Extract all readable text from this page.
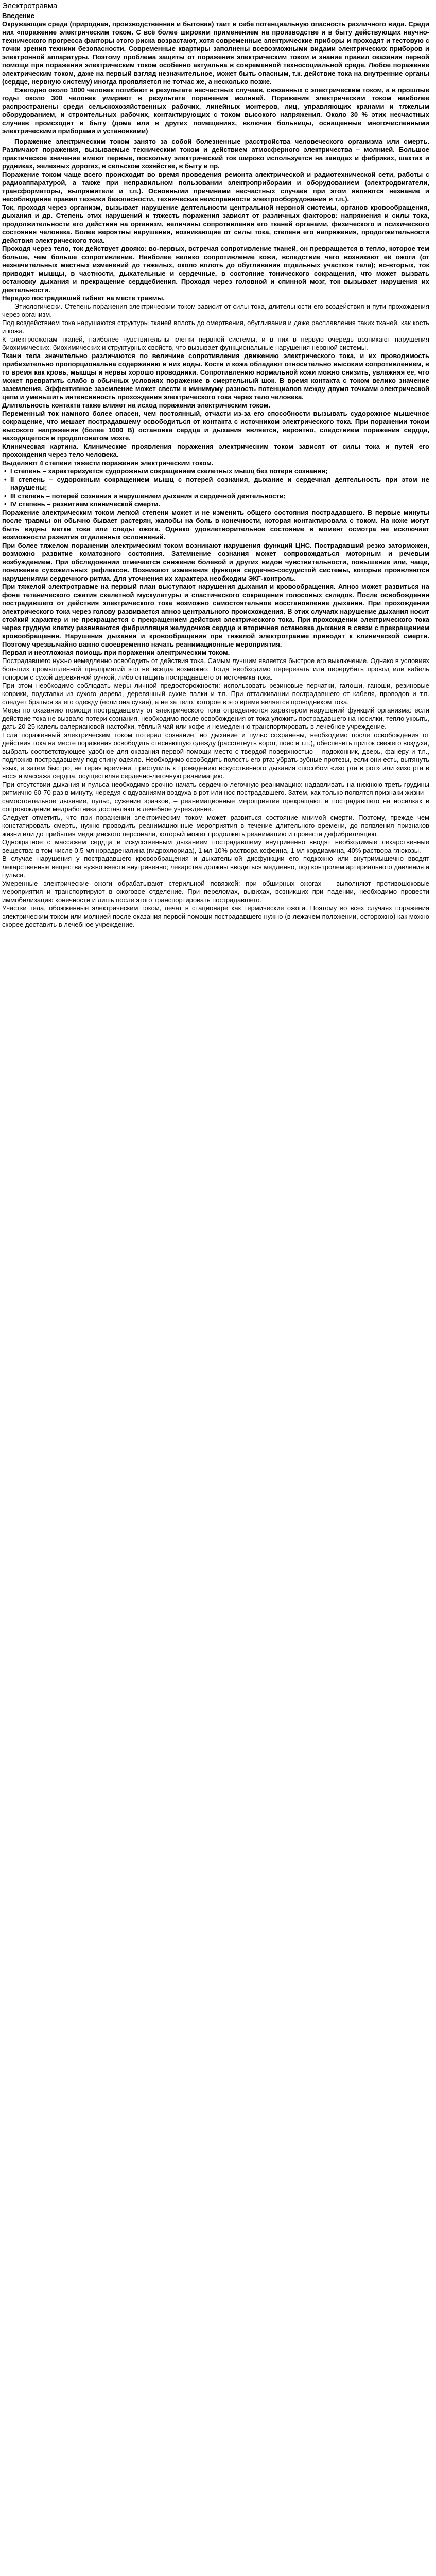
Электротравма

Введение

Окружающая среда (природная, производственная и бытовая) таит в себе потенциальную опасность различного вида. Среди них «поражение электрическим током. С всё более широким применением на производстве и в быту действующих научно-технического прогресса факторы этого риска возрастают, хотя современные электрические приборы и проходят и тестовую с точки зрения техники безопасности. Современные квартиры заполнены всевозможными видами электрических приборов и электронной аппаратуры. Поэтому проблема защиты от поражения электрическим током и знание правил оказания первой помощи при поражении электрическим током особенно актуальна в современной техносоциальной среде. Любое поражение электрическим током, даже на первый взгляд незначительное, может быть опасным, т.к. действие тока на внутренние органы (сердце, нервную систему) иногда проявляется не тотчас же, а несколько позже.

Ежегодно около 1000 человек погибают в результате несчастных случаев, связанных с электрическим током, а в прошлые годы около 300 человек умирают в результате поражения молнией. Поражения электрическим током наиболее распространены среди сельскохозяйственных рабочих, линейных монтеров, лиц, управляющих кранами и тяжелым оборудованием, и строительных рабочих, контактирующих с током высокого напряжения. Около 30 % этих несчастных случаев происходят в быту (дома или в других помещениях, включая больницы, оснащенные многочисленными электрическими приборами и установками)

Поражение электрическим током занято за собой болезненные расстройства человеческого организма или смерть. Различают поражения, вызываемые техническим током и действием атмосферного электричества – молнией. Большое практическое значение имеют первые, поскольку электрический ток широко используется на заводах и фабриках, шахтах и рудниках, железных дорогах, в сельском хозяйстве, в быту и пр.

Поражение током чаще всего происходит во время проведения ремонта электрической и радиотехнической сети, работы с радиоаппаратурой, а также при неправильном пользовании электроприборами и оборудованием (электродвигатели, трансформаторы, выпрямители и т.п.). Основными причинами несчастных случаев при этом являются незнание и несоблюдение правил техники безопасности, технические неисправности электрооборудования и т.п.).

Ток, проходя через организм, вызывает нарушение деятельности центральной нервной системы, органов кровообращения, дыхания и др. Степень этих нарушений и тяжесть поражения зависят от различных факторов: напряжения и силы тока, продолжительности его действия на организм, величины сопротивления его тканей органами, физического и психического состояния человека. Более вероятны нарушения, возникающие от силы тока, степени его напряжения, продолжительности действия электрического тока.

Проходя через тело, ток действует двояко: во-первых, встречая сопротивление тканей, он превращается в тепло, которое тем больше, чем больше сопротивление. Наиболее велико сопротивление кожи, вследствие чего возникают её ожоги (от незначительных местных изменений до тяжелых, около вплоть до обугливания отдельных участков тела); во-вторых, ток приводит мышцы, в частности, дыхательные и сердечные, в состояние тонического сокращения, что может вызвать остановку дыхания и прекращение сердцебиения. Проходя через головной и спинной мозг, ток вызывает нарушения их деятельности.

Нередко пострадавший гибнет на месте травмы.

Этиологически. Степень поражения электрическим током зависит от силы тока, длительности его воздействия и пути прохождения через организм.

Под воздействием тока нарушаются структуры тканей вплоть до омертвения, обугливания и даже расплавления таких тканей, как кость и кожа.

К электроожогам тканей, наиболее чувствительны клетки нервной системы, и в них в первую очередь возникают нарушения биохимических, биохимических и структурных свойств, что вызывает функциональные нарушения нервной системы.

Ткани тела значительно различаются по величине сопротивления движению электрического тока, и их проводимость прибизительно пропорциональна содержанию в них воды. Кости и кожа обладают относительно высоким сопротивлением, в то время как кровь, мышцы и нервы хорошо проводники. Сопротивлению нормальной кожи можно снизить, увлажняя ее, что может превратить слабо в обычных условиях поражение в смертельный шок. В время контакта с током великo значение заземления. Эффективное заземление может свести к минимуму разность потенциалов между двумя точками электрической цепи и уменьшить интенсивность прохождения электрического тока через тело человека.

Длительность контакта также влияет на исход поражения электрическим током.

Переменный ток намного более опасен, чем постоянный, отчасти из-за его способности вызывать судорожное мышечное сокращение, что мешает пострадавшему освободиться от контакта с источником электрического тока. При поражении током высокого напряжения (более 1000 В) остановка сердца и дыхания является, вероятно, следствием поражения сердца, находящегося в продолговатом мозге.

Клиническая картина. Клинические проявления поражения электрическим током зависят от силы тока и путей его прохождения через тело человека.

Выделяют 4 степени тяжести поражения электрическим током.

• I степень – характеризуется судорожным сокращением скелетных мышц без потери сознания;

• II степень – судорожным сокращением мышц с потерей сознания, дыхание и сердечная деятельность при этом не нарушены;

• III степень – потерей сознания и нарушением дыхания и сердечной деятельности;

• IV степень – развитием клинической смерти.

Поражение электрическим током легкой степени может и не изменить общего состояния пострадавшего. В первые минуты после травмы он обычно бывает растерян, жалобы на боль в конечности, которая контактировала с током. На коже могут быть видны метки тока или следы ожога. Однако удовлетворительное состояние в момент осмотра не исключает возможности развития отдаленных осложнений.

При более тяжелом поражении электрическим током возникают нарушения функций ЦНС. Пострадавший резко заторможен, возможно развитие коматозного состояния. Затемнение сознания может сопровождаться моторным и речевым возбуждением. При обследовании отмечается снижение болевой и других видов чувствительности, повышение или, чаще, понижение сухожильных рефлексов. Возникают изменения функции сердечно-сосудистой системы, которые проявляются нарушениями сердечного ритма. Для уточнения их характера необходим ЭКГ-контроль.

При тяжелой электротравме на первый план выступают нарушения дыхания и кровообращения. Апноэ может развиться на фоне тетанического сжатия скелетной мускулатуры и спастического сокращения голосовых складок. После освобождения пострадавшего от действия электрического тока возможно самостоятельное восстановление дыхания. При прохождении электрического тока через голову развивается апноэ центрального происхождения. В этих случаях нарушение дыхания носит стойкий характер и не прекращается с прекращением действия электрического тока. При прохождении электрического тока через грудную клетку развиваются фибрилляция желудочков сердца и вторичная остановка дыхания в связи с прекращением кровообращения. Нарушения дыхания и кровообращения при тяжелой электротравме приводят к клинической смерти. Поэтому чрезвычайно важно своевременно начать реанимационные мероприятия.

Первая и неотложная помощь при поражении электрическим током.

Пострадавшего нужно немедленно освободить от действия тока. Самым лучшим является быстрое его выключение. Однако в условиях больших промышленной предприятий это не всегда возможно. Тогда необходимо перерезать или перерубить провод или кабель топором с сухой деревянной ручкой, либо оттащить пострадавшего от источника тока.

При этом необходимо соблюдать меры личной предосторожности: использовать резиновые перчатки, галоши, ганоши, резиновые коврики, подставки из сухого дерева, деревянный сухие палки и т.п. При отталкивании пострадавшего от кабеля, проводов и т.п. следует браться за его одежду (если она сухая), а не за тело, которое в это время является проводником тока.

Меры по оказанию помощи пострадавшему от электрического тока определяются характером нарушений функций организма: если действие тока не вызвало потери сознания, необходимо после освобождения от тока уложить пострадавшего на носилки, тепло укрыть, дать 20-25 капель валериановой настойки, тёплый чай или кофе и немедленно транспортировать в лечебное учреждение.

Если пораженный электрическим током потерял сознание, но дыхание и пульс сохранены, необходимо после освобождения от действия тока на месте поражения освободить стесняющую одежду (расстегнуть ворот, пояс и т.п.), обеспечить приток свежего воздуха, выбрать соответствующее удобное для оказания первой помощи место с твердой поверхностью – подоконник, дверь, фанеру и т.п., подложив пострадавшему под спину одеяло. Необходимо освободить полость его рта: убрать зубные протезы, если они есть, вытянуть язык, а затем быстро, не теряя времени, приступить к проведению искусственного дыхания способом «изо рта в рот» или «изо рта в нос» и массажа сердца, осуществляя сердечно-легочную реанимацию.

При отсутствии дыхания и пульса необходимо срочно начать сердечно-легочную реанимацию: надавливать на нижнюю треть грудины ритмично 60-70 раз в минуту, чередуя с вдуваниями воздуха в рот или нос пострадавшего. Затем, как только появятся признаки жизни – самостоятельное дыхание, пульс, сужение зрачков, – реанимационные мероприятия прекращают и пострадавшего на носилках в сопровождении медработника доставляют в лечебное учреждение.

Следует отметить, что при поражении электрическим током может развиться состояние мнимой смерти. Поэтому, прежде чем констатировать смерть, нужно проводить реанимационные мероприятия в течение длительного времени, до появления признаков жизни или до прибытия медицинского персонала, который может продолжить реанимацию и провести дефибрилляцию.

Однократное с массажем сердца и искусственным дыханием пострадавшему внутривенно вводят необходимые лекарственные вещества: в том числе 0,5 мл норадреналина (гидрохлорида), 1 мл 10% раствора кофеина, 1 мл кордиамина, 40% раствора глюкозы.

В случае нарушения у пострадавшего кровообращения и дыхательной дисфункции его подкожно или внутримышечно вводят лекарственные вещества нужно ввести внутривенно; лекарства должны вводиться медленно, под контролем артериального давления и пульса.

Умеренные электрические ожоги обрабатывают стерильной повязкой; при обширных ожогах – выполняют противошоковые мероприятия и транспортируют в ожоговое отделение. При переломах, вывихах, возникших при падении, необходимо провести иммобилизацию конечности и лишь после этого транспортировать пострадавшего.

Участки тела, обожженные электрическим током, лечат в стационаре как термические ожоги. Поэтому во всех случаях поражения электрическим током или молнией после оказания первой помощи пострадавшего нужно (в лежачем положении, осторожно) как можно скорее доставить в лечебное учреждение.
